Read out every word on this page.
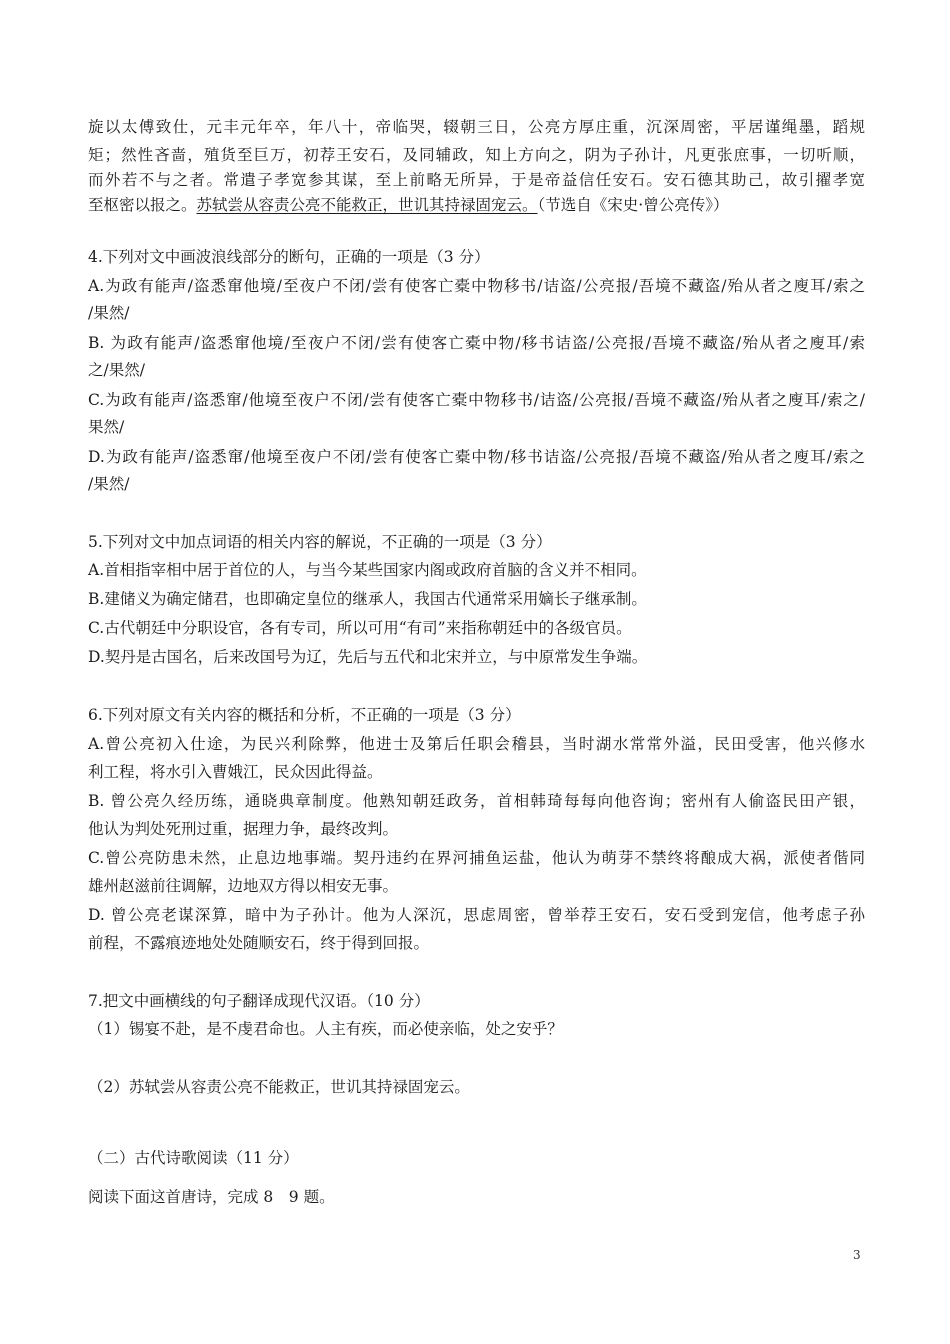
旋以太傅致仕，元丰元年卒，年八十，帝临哭，辍朝三日，公亮方厚庄重，沉深周密，平居谨绳墨，蹈规
矩；然性吝啬，殖货至巨万，初荐王安石，及同辅政，知上方向之，阴为子孙计，凡更张庶事，一切听顺，
而外若不与之者。常遣子孝宽参其谋，至上前略无所异，于是帝益信任安石。安石德其助己，故引擢孝宽
至枢密以报之。苏轼尝从容责公亮不能救正，世讥其持禄固宠云。（节选自《宋史·曾公亮传》）
4.下列对文中画波浪线部分的断句，正确的一项是（3 分）
A.为政有能声/盗悉窜他境/至夜户不闭/尝有使客亡橐中物移书/诘盗/公亮报/吾境不藏盗/殆从者之廋耳/索之
/果然/
B. 为政有能声/盗悉窜他境/至夜户不闭/尝有使客亡橐中物/移书诘盗/公亮报/吾境不藏盗/殆从者之廋耳/索
之/果然/
C.为政有能声/盗悉窜/他境至夜户不闭/尝有使客亡橐中物移书/诘盗/公亮报/吾境不藏盗/殆从者之廋耳/索之/
果然/
D.为政有能声/盗悉窜/他境至夜户不闭/尝有使客亡橐中物/移书诘盗/公亮报/吾境不藏盗/殆从者之廋耳/索之
/果然/
5.下列对文中加点词语的相关内容的解说，不正确的一项是（3 分）
A.首相指宰相中居于首位的人，与当今某些国家内阁或政府首脑的含义并不相同。
B.建储义为确定储君，也即确定皇位的继承人，我国古代通常采用嫡长子继承制。
C.古代朝廷中分职设官，各有专司，所以可用“有司”来指称朝廷中的各级官员。
D.契丹是古国名，后来改国号为辽，先后与五代和北宋并立，与中原常发生争端。
6.下列对原文有关内容的概括和分析，不正确的一项是（3 分）
A.曾公亮初入仕途，为民兴利除弊，他进士及第后任职会稽县，当时湖水常常外溢，民田受害，他兴修水
利工程，将水引入曹娥江，民众因此得益。
B. 曾公亮久经历练，通晓典章制度。他熟知朝廷政务，首相韩琦每每向他咨询；密州有人偷盗民田产银，
他认为判处死刑过重，据理力争，最终改判。
C.曾公亮防患未然，止息边地事端。契丹违约在界河捕鱼运盐，他认为萌芽不禁终将酿成大祸，派使者偕同
雄州赵滋前往调解，边地双方得以相安无事。
D. 曾公亮老谋深算，暗中为子孙计。他为人深沉，思虑周密，曾举荐王安石，安石受到宠信，他考虑子孙
前程，不露痕迹地处处随顺安石，终于得到回报。
7.把文中画横线的句子翻译成现代汉语。（10 分）
（1）锡宴不赴，是不虔君命也。人主有疾，而必使亲临，处之安乎？
（2）苏轼尝从容责公亮不能救正，世讥其持禄固宠云。
（二）古代诗歌阅读（11 分）
阅读下面这首唐诗，完成 8　9 题。
3
